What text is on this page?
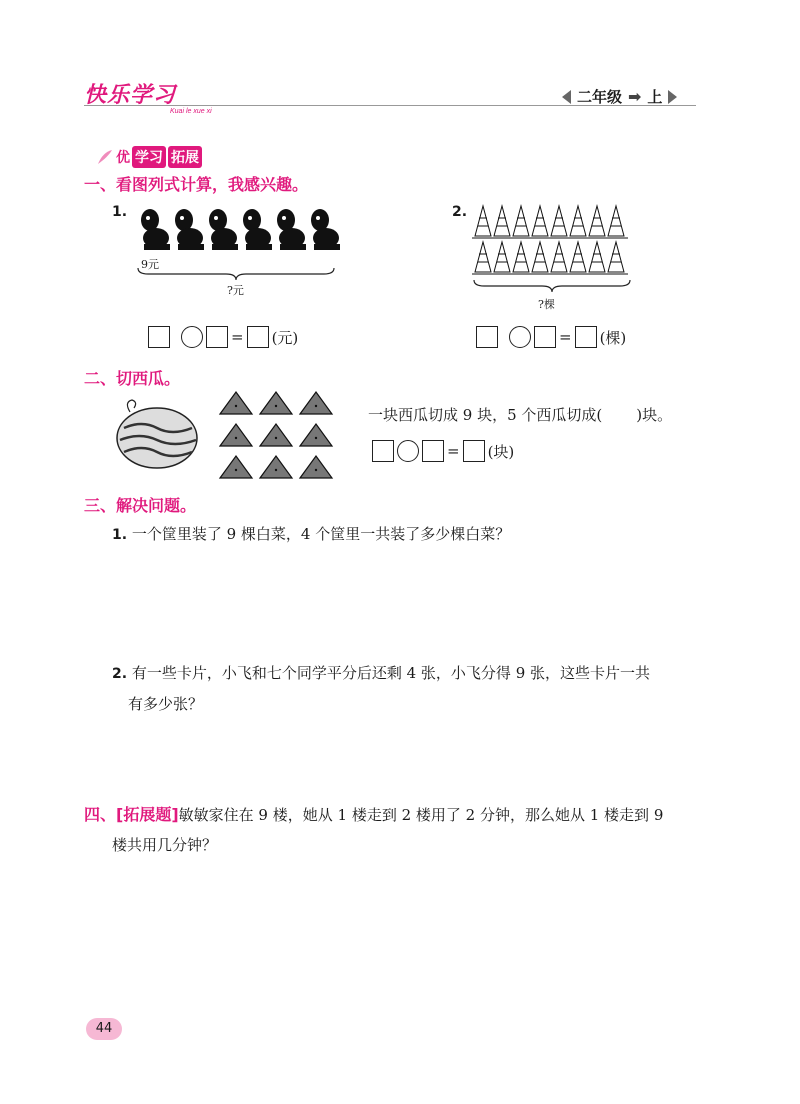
快乐学习
Kuai le xue xi
二年级 ➡ 上
优 学习 拓展
一、看图列式计算，我感兴趣。
1.
9元
?元
= (元)
2.
?棵
= (棵)
二、切西瓜。
一块西瓜切成 9 块，5 个西瓜切成( )块。
= (块)
三、解决问题。
1. 一个筐里装了 9 棵白菜，4 个筐里一共装了多少棵白菜？
2. 有一些卡片，小飞和七个同学平分后还剩 4 张，小飞分得 9 张，这些卡片一共
有多少张？
四、[拓展题]敏敏家住在 9 楼，她从 1 楼走到 2 楼用了 2 分钟，那么她从 1 楼走到 9
楼共用几分钟？
44
